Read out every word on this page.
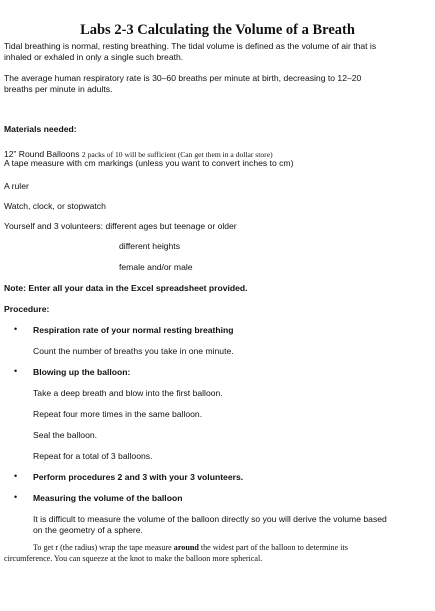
Labs 2-3 Calculating the Volume of a Breath
Tidal breathing is normal, resting breathing. The tidal volume is defined as the volume of air that is
inhaled or exhaled in only a single such breath.
The average human respiratory rate is 30–60 breaths per minute at birth, decreasing to 12–20
breaths per minute in adults.
Materials needed:
12” Round Balloons 2 packs of 10 will be sufficient (Can get them in a dollar store)
A tape measure with cm markings (unless you want to convert inches to cm)
A ruler
Watch, clock, or stopwatch
Yourself and 3 volunteers: different ages but teenage or older
different heights
female and/or male
Note: Enter all your data in the Excel spreadsheet provided.
Procedure:
• Respiration rate of your normal resting breathing
Count the number of breaths you take in one minute.
• Blowing up the balloon:
Take a deep breath and blow into the first balloon.
Repeat four more times in the same balloon.
Seal the balloon.
Repeat for a total of 3 balloons.
• Perform procedures 2 and 3 with your 3 volunteers.
• Measuring the volume of the balloon
It is difficult to measure the volume of the balloon directly so you will derive the volume based
on the geometry of a sphere.
To get r (the radius) wrap the tape measure around the widest part of the balloon to determine its
circumference. You can squeeze at the knot to make the balloon more spherical.
